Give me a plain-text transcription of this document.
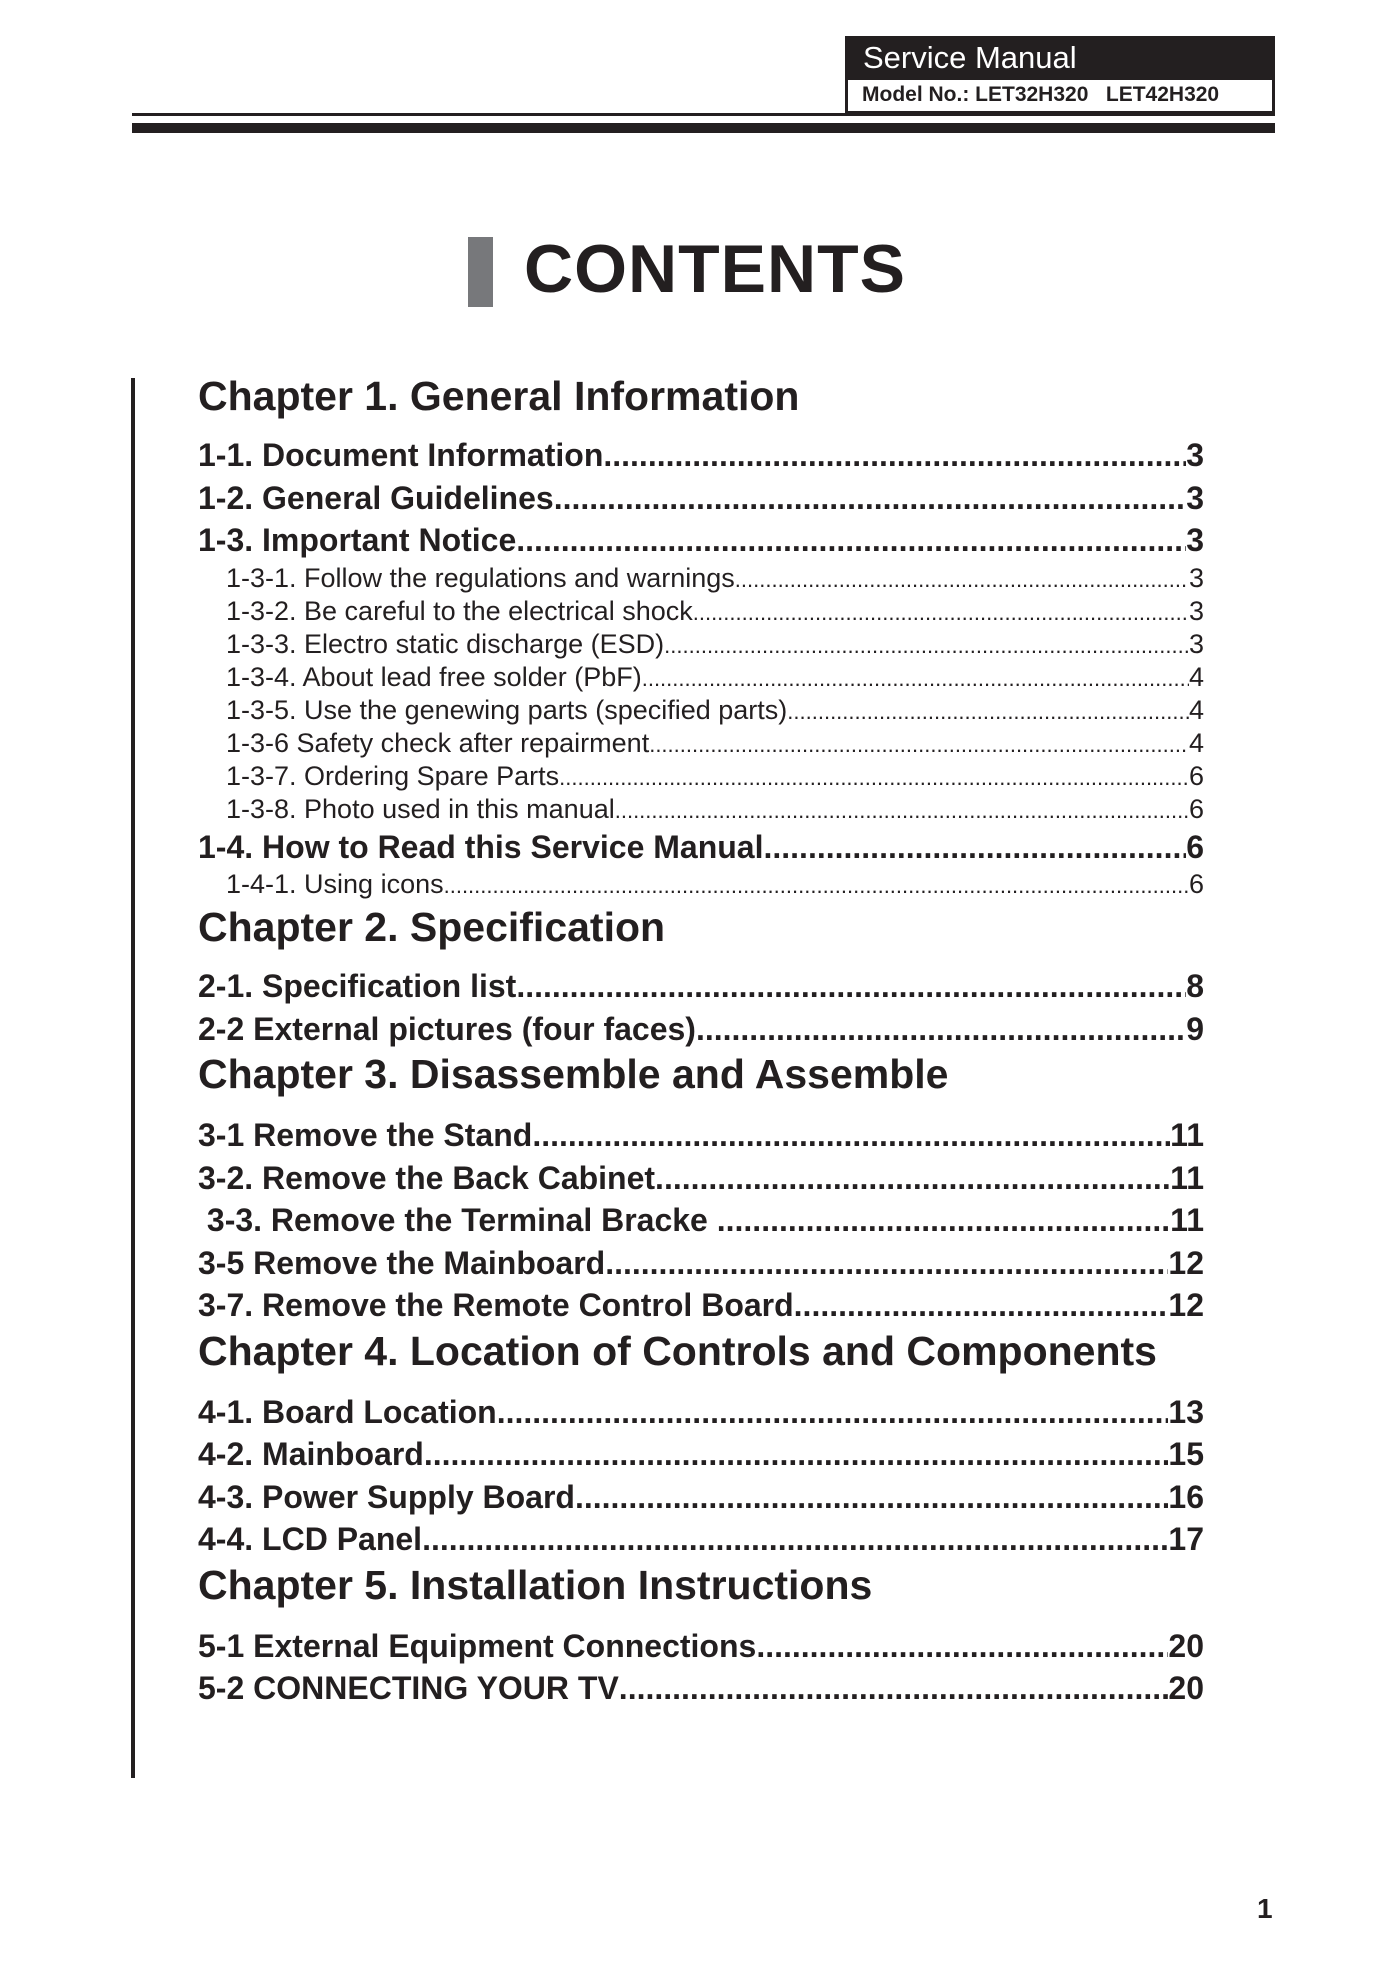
Service Manual
Model No.: LET32H320   LET42H320
CONTENTS
Chapter 1. General Information
1-1. Document Information .....	3
1-2. General Guidelines .....	3
1-3. Important Notice .....	3
1-3-1. Follow the regulations and warnings .....	3
1-3-2. Be careful to the electrical shock .....	3
1-3-3. Electro static discharge (ESD) .....	3
1-3-4. About lead free solder (PbF) .....	4
1-3-5. Use the genewing parts (specified parts) .....	4
1-3-6 Safety check after repairment .....	4
1-3-7. Ordering Spare Parts .....	6
1-3-8. Photo used in this manual .....	6
1-4. How to Read this Service Manual .....	6
1-4-1. Using icons .....	6
Chapter 2. Specification
2-1. Specification list .....	8
2-2 External pictures (four faces) .....	9
Chapter 3. Disassemble and Assemble
3-1 Remove the Stand .....	11
3-2. Remove the Back Cabinet .....	11
3-3. Remove the Terminal Bracke .....	11
3-5 Remove the Mainboard .....	12
3-7. Remove the Remote Control Board .....	12
Chapter 4. Location of Controls and Components
4-1. Board Location .....	13
4-2. Mainboard .....	15
4-3. Power Supply Board .....	16
4-4. LCD Panel .....	17
Chapter 5. Installation Instructions
5-1 External Equipment Connections .....	20
5-2 CONNECTING YOUR TV .....	20
1
